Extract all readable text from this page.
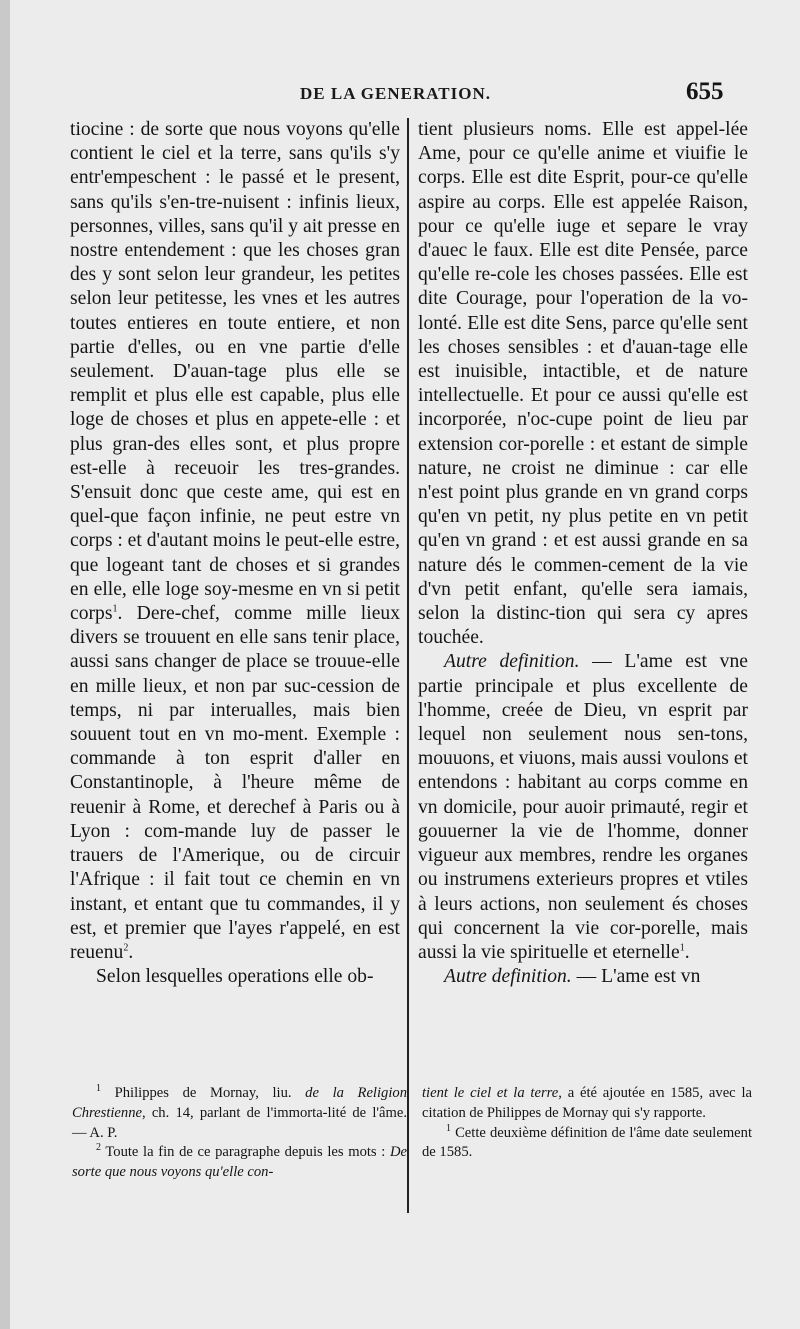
DE LA GENERATION.	655

tiocine : de sorte que nous voyons qu'elle contient le ciel et la terre, sans qu'ils s'y entr'empeschent : le passé et le present, sans qu'ils s'en-tre-nuisent : infinis lieux, personnes, villes, sans qu'il y ait presse en nostre entendement : que les choses gran des y sont selon leur grandeur, les petites selon leur petitesse, les vnes et les autres toutes entieres en toute entiere, et non partie d'elles, ou en vne partie d'elle seulement. D'auan-tage plus elle se remplit et plus elle est capable, plus elle loge de choses et plus en appete-elle : et plus gran-des elles sont, et plus propre est-elle à receuoir les tres-grandes. S'ensuit donc que ceste ame, qui est en quel-que façon infinie, ne peut estre vn corps : et d'autant moins le peut-elle estre, que logeant tant de choses et si grandes en elle, elle loge soy-mesme en vn si petit corps$^1$. Dere-chef, comme mille lieux divers se trouuent en elle sans tenir place, aussi sans changer de place se trouue-elle en mille lieux, et non par suc-cession de temps, ni par interualles, mais bien souuent tout en vn mo-ment. Exemple : commande à ton esprit d'aller en Constantinople, à l'heure même de reuenir à Rome, et derechef à Paris ou à Lyon : com-mande luy de passer le trauers de l'Amerique, ou de circuir l'Afrique : il fait tout ce chemin en vn instant, et entant que tu commandes, il y est, et premier que l'ayes r'appelé, en est reuenu$^2$.

Selon lesquelles operations elle ob-

tient plusieurs noms. Elle est appel-lée Ame, pour ce qu'elle anime et viuifie le corps. Elle est dite Esprit, pour-ce qu'elle aspire au corps. Elle est appelée Raison, pour ce qu'elle iuge et separe le vray d'auec le faux. Elle est dite Pensée, parce qu'elle re-cole les choses passées. Elle est dite Courage, pour l'operation de la vo-lonté. Elle est dite Sens, parce qu'elle sent les choses sensibles : et d'auan-tage elle est inuisible, intactible, et de nature intellectuelle. Et pour ce aussi qu'elle est incorporée, n'oc-cupe point de lieu par extension cor-porelle : et estant de simple nature, ne croist ne diminue : car elle n'est point plus grande en vn grand corps qu'en vn petit, ny plus petite en vn petit qu'en vn grand : et est aussi grande en sa nature dés le commen-cement de la vie d'vn petit enfant, qu'elle sera iamais, selon la distinc-tion qui sera cy apres touchée.

Autre definition. — L'ame est vne partie principale et plus excellente de l'homme, creée de Dieu, vn esprit par lequel non seulement nous sen-tons, mouuons, et viuons, mais aussi voulons et entendons : habitant au corps comme en vn domicile, pour auoir primauté, regir et gouuerner la vie de l'homme, donner vigueur aux membres, rendre les organes ou instrumens exterieurs propres et vtiles à leurs actions, non seulement és choses qui concernent la vie cor-porelle, mais aussi la vie spirituelle et eternelle$^1$.

Autre definition. — L'ame est vn

$^1$ Philippes de Mornay, liu. de la Religion Chrestienne, ch. 14, parlant de l'immorta-lité de l'âme. — A. P.

$^2$ Toute la fin de ce paragraphe depuis les mots : De sorte que nous voyons qu'elle con-

tient le ciel et la terre, a été ajoutée en 1585, avec la citation de Philippes de Mornay qui s'y rapporte.

$^1$ Cette deuxième définition de l'âme date seulement de 1585.
